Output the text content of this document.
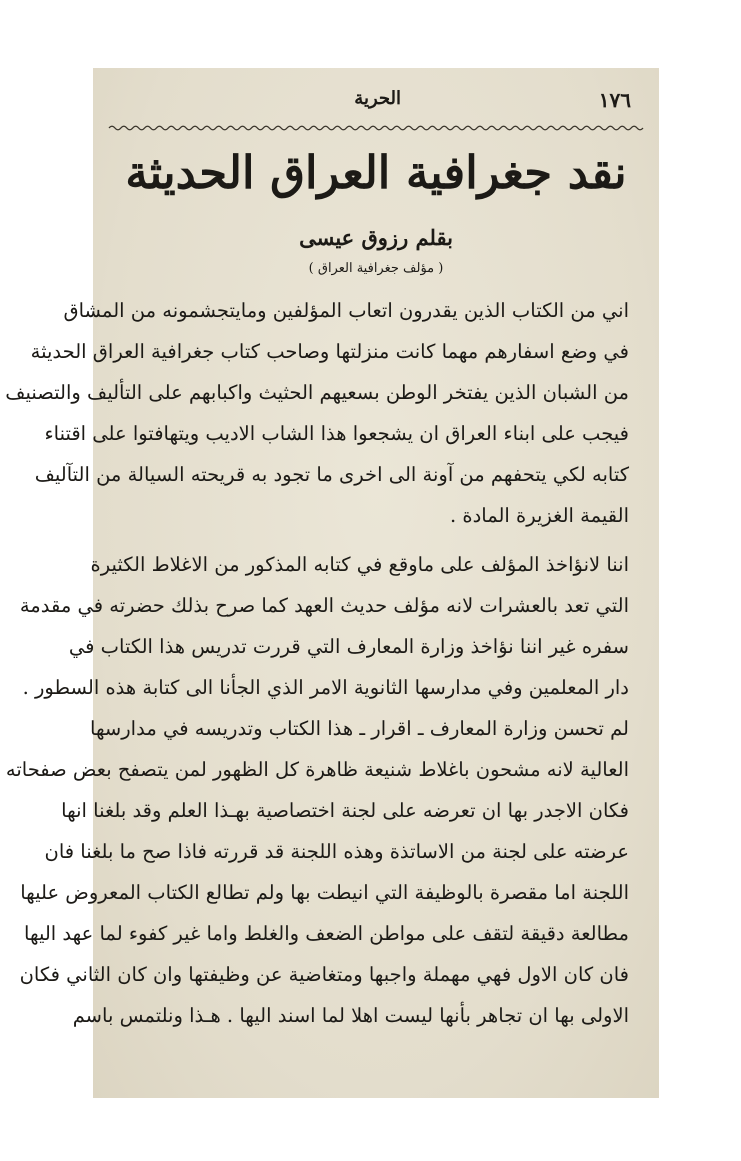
١٧٦
الحرية
نقد جغرافية العراق الحديثة
بقلم رزوق عيسى
( مؤلف جغرافية العراق )
اني من الكتاب الذين يقدرون اتعاب المؤلفين ومايتجشمونه من المشاق
في وضع اسفارهم مهما كانت منزلتها وصاحب كتاب جغرافية العراق الحديثة
من الشبان الذين يفتخر الوطن بسعيهم الحثيث واكبابهم على التأليف والتصنيف
فيجب على ابناء العراق ان يشجعوا هذا الشاب الاديب ويتهافتوا على اقتناء
كتابه لكي يتحفهم من آونة الى اخرى ما تجود به قريحته السيالة من التآليف
القيمة الغزيرة المادة .
اننا لانؤاخذ المؤلف على ماوقع في كتابه المذكور من الاغلاط الكثيرة
التي تعد بالعشرات لانه مؤلف حديث العهد كما صرح بذلك حضرته في مقدمة
سفره غير اننا نؤاخذ وزارة المعارف التي قررت تدريس هذا الكتاب في
دار المعلمين وفي مدارسها الثانوية الامر الذي الجأنا الى كتابة هذه السطور .
لم تحسن وزارة المعارف ـ اقرار ـ هذا الكتاب وتدريسه في مدارسها
العالية لانه مشحون باغلاط شنيعة ظاهرة كل الظهور لمن يتصفح بعض صفحاته
فكان الاجدر بها ان تعرضه على لجنة اختصاصية بهـذا العلم وقد بلغنا انها
عرضته على لجنة من الاساتذة وهذه اللجنة قد قررته فاذا صح ما بلغنا فان
اللجنة اما مقصرة بالوظيفة التي انيطت بها ولم تطالع الكتاب المعروض عليها
مطالعة دقيقة لتقف على مواطن الضعف والغلط واما غير كفوء لما عهد اليها
فان كان الاول فهي مهملة واجبها ومتغاضية عن وظيفتها وان كان الثاني فكان
الاولى بها ان تجاهر بأنها ليست اهلا لما اسند اليها . هـذا ونلتمس باسم
